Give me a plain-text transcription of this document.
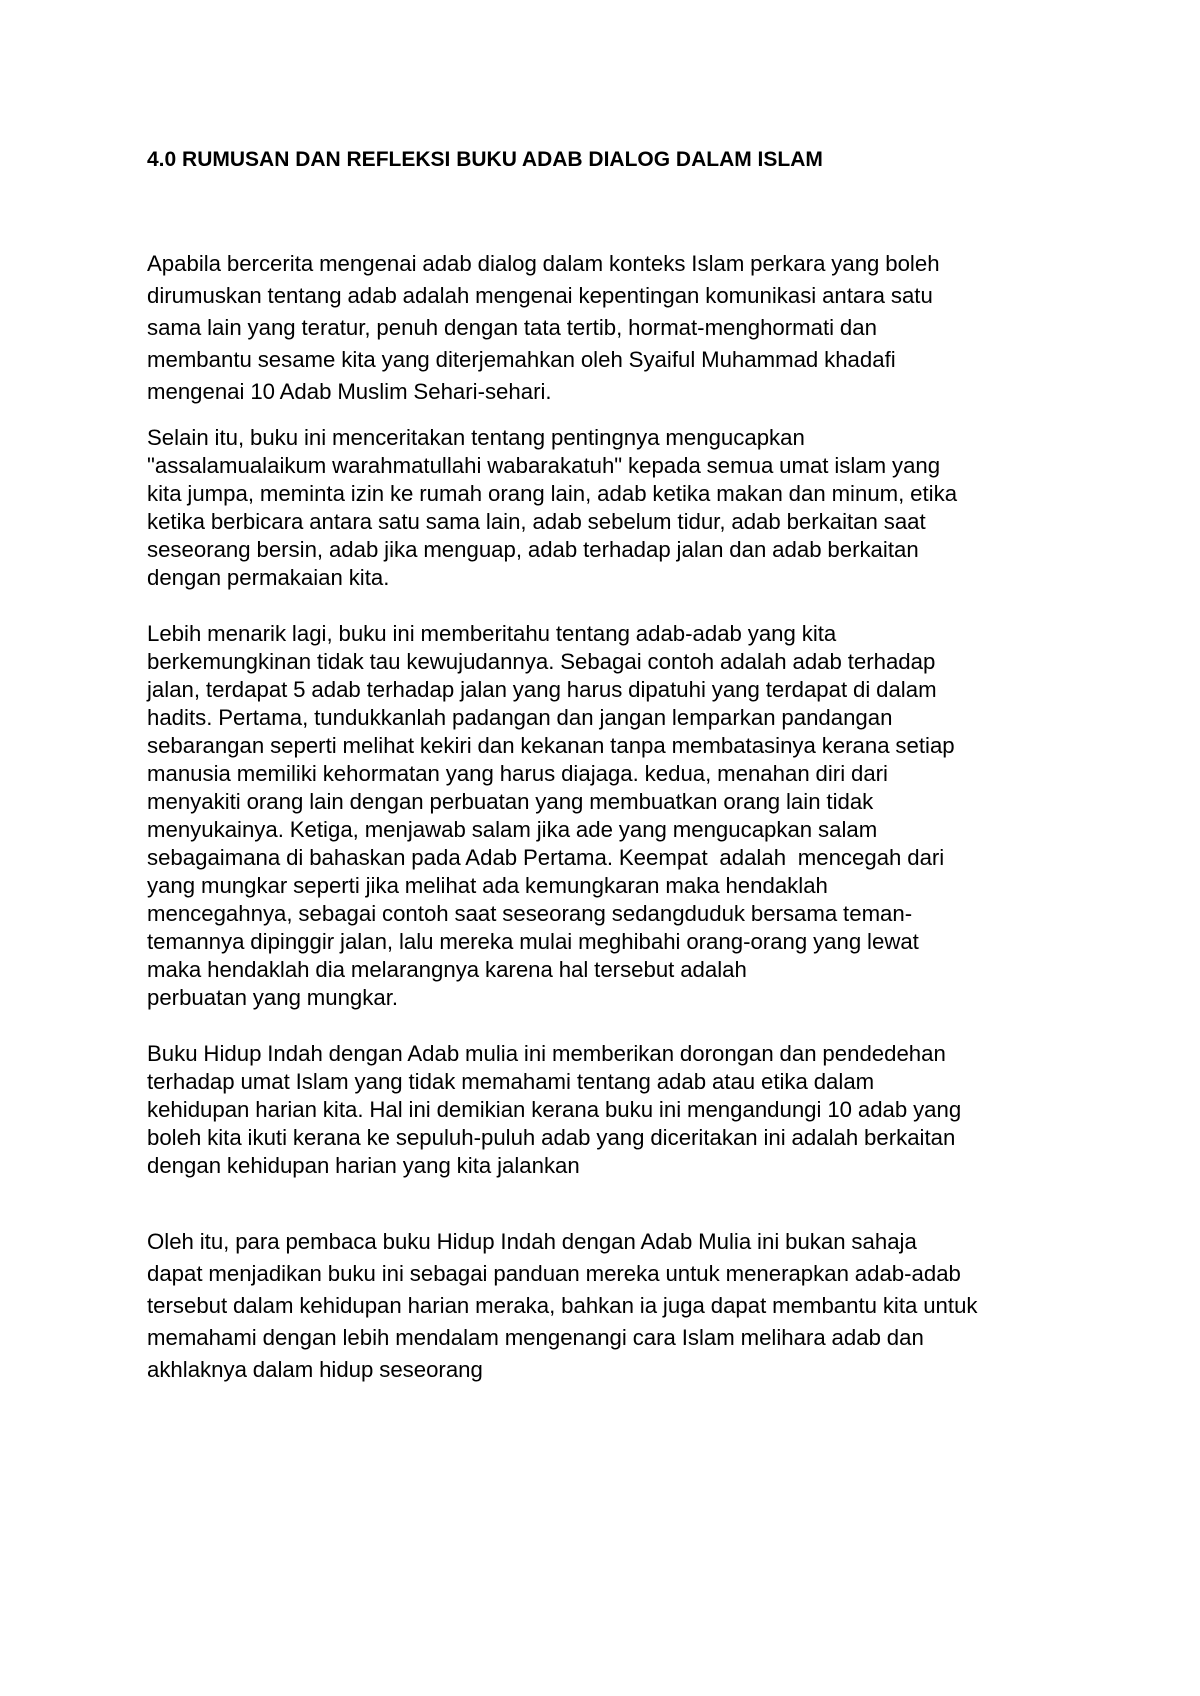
4.0 RUMUSAN DAN REFLEKSI BUKU ADAB DIALOG DALAM ISLAM

Apabila bercerita mengenai adab dialog dalam konteks Islam perkara yang boleh
dirumuskan tentang adab adalah mengenai kepentingan komunikasi antara satu
sama lain yang teratur, penuh dengan tata tertib, hormat-menghormati dan
membantu sesame kita yang diterjemahkan oleh Syaiful Muhammad khadafi
mengenai 10 Adab Muslim Sehari-sehari.

Selain itu, buku ini menceritakan tentang pentingnya mengucapkan
"assalamualaikum warahmatullahi wabarakatuh" kepada semua umat islam yang
kita jumpa, meminta izin ke rumah orang lain, adab ketika makan dan minum, etika
ketika berbicara antara satu sama lain, adab sebelum tidur, adab berkaitan saat
seseorang bersin, adab jika menguap, adab terhadap jalan dan adab berkaitan
dengan permakaian kita.

Lebih menarik lagi, buku ini memberitahu tentang adab-adab yang kita
berkemungkinan tidak tau kewujudannya. Sebagai contoh adalah adab terhadap
jalan, terdapat 5 adab terhadap jalan yang harus dipatuhi yang terdapat di dalam
hadits. Pertama, tundukkanlah padangan dan jangan lemparkan pandangan
sebarangan seperti melihat kekiri dan kekanan tanpa membatasinya kerana setiap
manusia memiliki kehormatan yang harus diajaga. kedua, menahan diri dari
menyakiti orang lain dengan perbuatan yang membuatkan orang lain tidak
menyukainya. Ketiga, menjawab salam jika ade yang mengucapkan salam
sebagaimana di bahaskan pada Adab Pertama. Keempat  adalah  mencegah dari
yang mungkar seperti jika melihat ada kemungkaran maka hendaklah
mencegahnya, sebagai contoh saat seseorang sedangduduk bersama teman-
temannya dipinggir jalan, lalu mereka mulai meghibahi orang-orang yang lewat
maka hendaklah dia melarangnya karena hal tersebut adalah
perbuatan yang mungkar.

Buku Hidup Indah dengan Adab mulia ini memberikan dorongan dan pendedehan
terhadap umat Islam yang tidak memahami tentang adab atau etika dalam
kehidupan harian kita. Hal ini demikian kerana buku ini mengandungi 10 adab yang
boleh kita ikuti kerana ke sepuluh-puluh adab yang diceritakan ini adalah berkaitan
dengan kehidupan harian yang kita jalankan

Oleh itu, para pembaca buku Hidup Indah dengan Adab Mulia ini bukan sahaja
dapat menjadikan buku ini sebagai panduan mereka untuk menerapkan adab-adab
tersebut dalam kehidupan harian meraka, bahkan ia juga dapat membantu kita untuk
memahami dengan lebih mendalam mengenangi cara Islam melihara adab dan
akhlaknya dalam hidup seseorang
